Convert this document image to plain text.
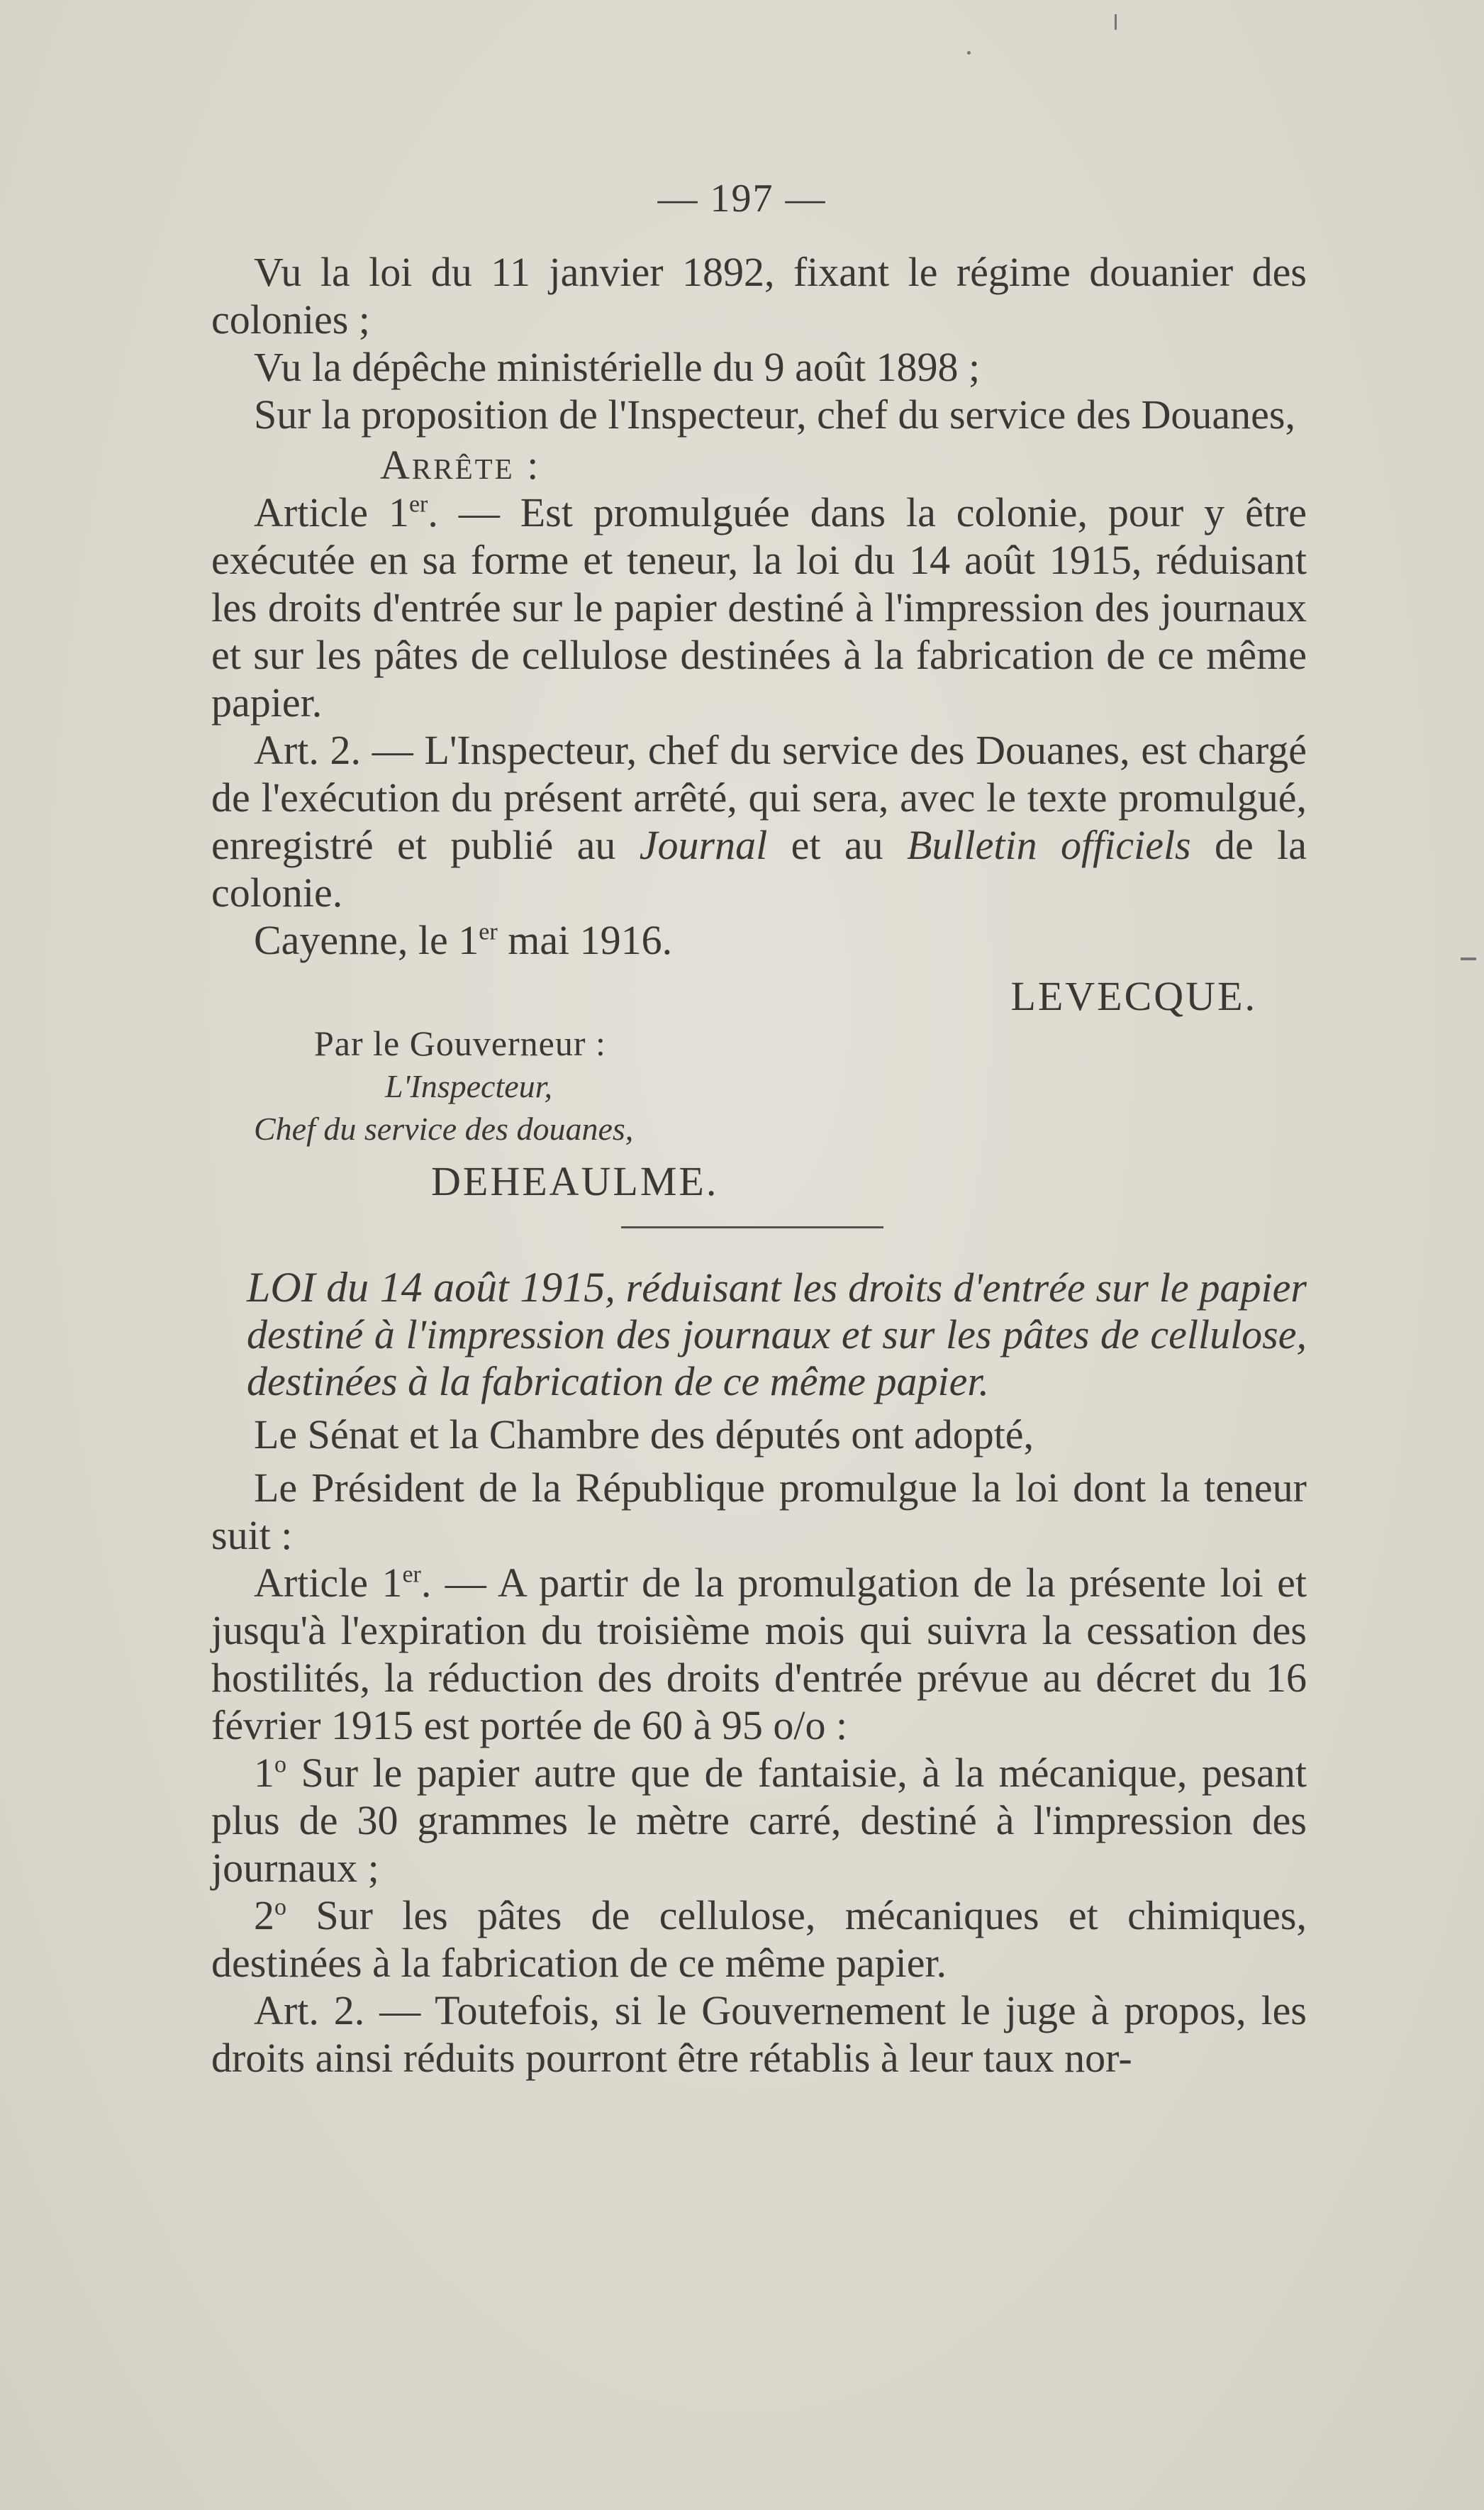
— 197 —

Vu la loi du 11 janvier 1892, fixant le régime douanier des colonies ;

Vu la dépêche ministérielle du 9 août 1898 ;

Sur la proposition de l'Inspecteur, chef du service des Douanes,

Arrête :

Article 1er. — Est promulguée dans la colonie, pour y être exécutée en sa forme et teneur, la loi du 14 août 1915, réduisant les droits d'entrée sur le papier destiné à l'impression des journaux et sur les pâtes de cellulose destinées à la fabrication de ce même papier.

Art. 2. — L'Inspecteur, chef du service des Douanes, est chargé de l'exécution du présent arrêté, qui sera, avec le texte promulgué, enregistré et publié au Journal et au Bulletin officiels de la colonie.

Cayenne, le 1er mai 1916.

LEVECQUE.

Par le Gouverneur :

L'Inspecteur,

Chef du service des douanes,

DEHEAULME.

LOI du 14 août 1915, réduisant les droits d'entrée sur le papier destiné à l'impression des journaux et sur les pâtes de cellulose, destinées à la fabrication de ce même papier.

Le Sénat et la Chambre des députés ont adopté,

Le Président de la République promulgue la loi dont la teneur suit :

Article 1er. — A partir de la promulgation de la présente loi et jusqu'à l'expiration du troisième mois qui suivra la cessation des hostilités, la réduction des droits d'entrée prévue au décret du 16 février 1915 est portée de 60 à 95 o/o :

1$^o$ Sur le papier autre que de fantaisie, à la mécanique, pesant plus de 30 grammes le mètre carré, destiné à l'impression des journaux ;

2$^o$ Sur les pâtes de cellulose, mécaniques et chimiques, destinées à la fabrication de ce même papier.

Art. 2. — Toutefois, si le Gouvernement le juge à propos, les droits ainsi réduits pourront être rétablis à leur taux nor-
